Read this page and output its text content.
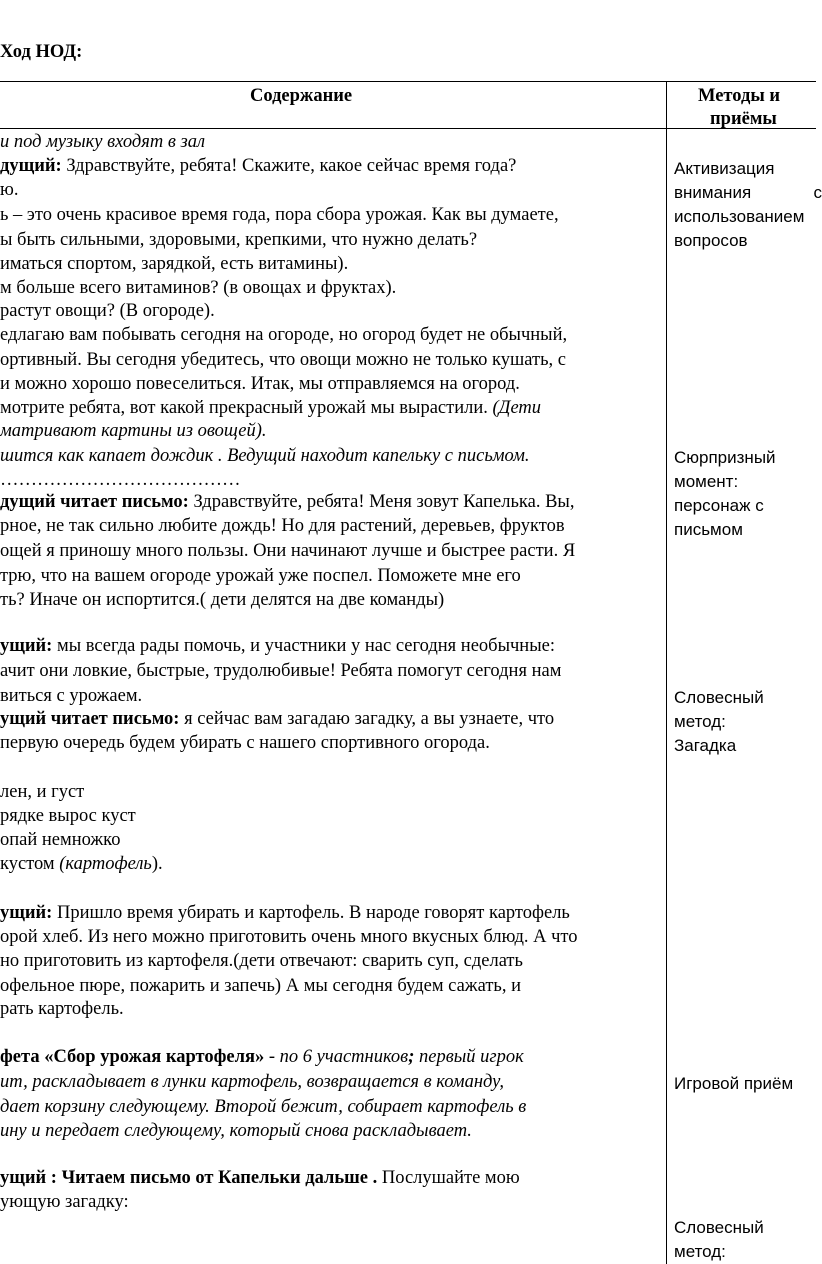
Ход НОД:
Содержание	Методы и
приёмы
и под музыку входят в зал
дущий: Здравствуйте, ребята! Скажите, какое сейчас время года?
ю.
ь – это очень красивое время года, пора сбора урожая. Как вы думаете,
ы быть сильными, здоровыми, крепкими, что нужно делать?
иматься спортом, зарядкой, есть витамины).
м больше всего витаминов? (в овощах и фруктах).
растут овощи? (В огороде).
едлагаю вам побывать сегодня на огороде, но огород будет не обычный,
ортивный. Вы сегодня убедитесь, что овощи можно не только кушать, с
и можно хорошо повеселиться. Итак, мы отправляемся на огород.
мотрите ребята, вот какой прекрасный урожай мы вырастили. (Дети
матривают картины из овощей).
шится как капает дождик . Ведущий находит капельку с письмом.
…………………………………
дущий читает письмо: Здравствуйте, ребята! Меня зовут Капелька. Вы,
рное, не так сильно любите дождь! Но для растений, деревьев, фруктов
ощей я приношу много пользы. Они начинают лучше и быстрее расти. Я
трю, что на вашем огороде урожай уже поспел. Поможете мне его
ть? Иначе он испортится.( дети делятся на две команды)
ущий: мы всегда рады помочь, и участники у нас сегодня необычные:
ачит они ловкие, быстрые, трудолюбивые! Ребята помогут сегодня нам
виться с урожаем.
ущий читает письмо: я сейчас вам загадаю загадку, а вы узнаете, что
первую очередь будем убирать с нашего спортивного огорода.
лен, и густ
рядке вырос куст
опай немножко
кустом (картофель).
ущий: Пришло время убирать и картофель. В народе говорят картофель
орой хлеб. Из него можно приготовить очень много вкусных блюд. А что
но приготовить из картофеля.(дети отвечают: сварить суп, сделать
офельное пюре, пожарить и запечь) А мы сегодня будем сажать, и
рать картофель.
фета «Сбор урожая картофеля» - по 6 участников; первый игрок
ит, раскладывает в лунки картофель, возвращается в команду,
дает корзину следующему. Второй бежит, собирает картофель в
ину и передает следующему, который снова раскладывает.
ущий : Читаем письмо от Капельки дальше . Послушайте мою
ующую загадку:
Активизация
внимания	с
использованием
вопросов
Сюрпризный
момент:
персонаж с
письмом
Словесный
метод:
Загадка
Игровой приём
Словесный
метод:
